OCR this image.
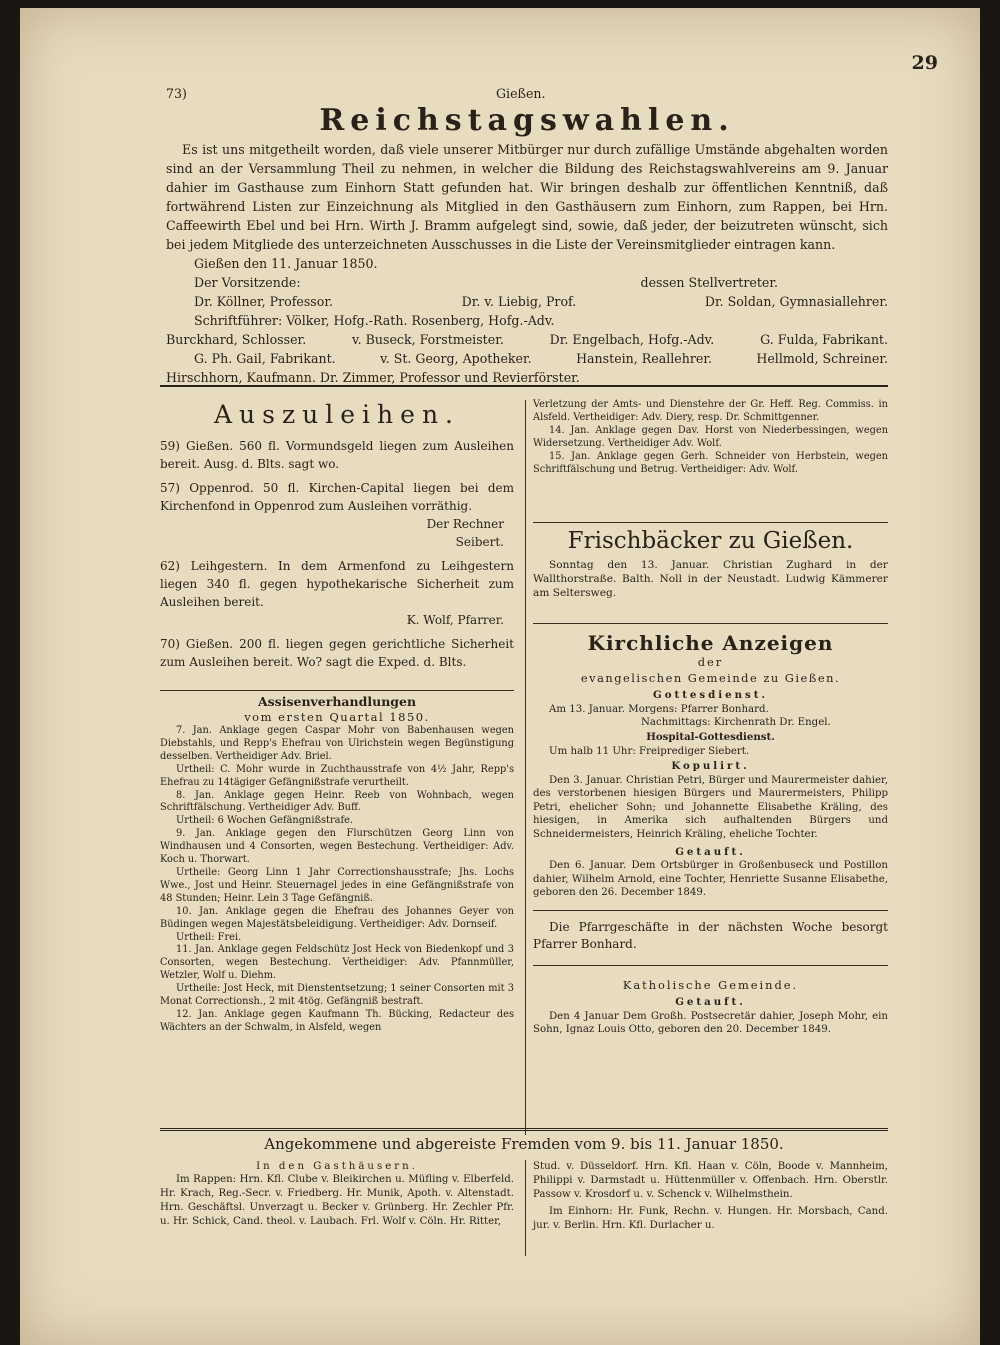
29
73)	Gießen.
Reichstagswahlen.

Es ist uns mitgetheilt worden, daß viele unserer Mitbürger nur durch zufällige Umstände abgehalten worden sind an der Versammlung Theil zu nehmen, in welcher die Bildung des Reichstagswahlvereins am 9. Januar dahier im Gasthause zum Einhorn Statt gefunden hat. Wir bringen deshalb zur öffentlichen Kenntniß, daß fortwährend Listen zur Einzeichnung als Mitglied in den Gasthäusern zum Einhorn, zum Rappen, bei Hrn. Caffeewirth Ebel und bei Hrn. Wirth J. Bramm aufgelegt sind, sowie, daß jeder, der beizutreten wünscht, sich bei jedem Mitgliede des unterzeichneten Ausschusses in die Liste der Vereinsmitglieder eintragen kann.

Gießen den 11. Januar 1850.

Der Vorsitzende:	dessen Stellvertreter.
Dr. Köllner, Professor.	Dr. v. Liebig, Prof.	Dr. Soldan, Gymnasiallehrer.

Schriftführer: Völker, Hofg.-Rath. Rosenberg, Hofg.-Adv.

Burckhard, Schlosser.	v. Buseck, Forstmeister.	Dr. Engelbach, Hofg.-Adv.	G. Fulda, Fabrikant.
G. Ph. Gail, Fabrikant.	v. St. Georg, Apotheker.	Hanstein, Reallehrer.	Hellmold, Schreiner.

Hirschhorn, Kaufmann. Dr. Zimmer, Professor und Revierförster.

Auszuleihen.

59) Gießen. 560 fl. Vormundsgeld liegen zum Ausleihen bereit. Ausg. d. Blts. sagt wo.

57) Oppenrod. 50 fl. Kirchen-Capital liegen bei dem Kirchenfond in Oppenrod zum Ausleihen vorräthig.

Der Rechner

Seibert.

62) Leihgestern. In dem Armenfond zu Leihgestern liegen 340 fl. gegen hypothekarische Sicherheit zum Ausleihen bereit.

K. Wolf, Pfarrer.

70) Gießen. 200 fl. liegen gegen gerichtliche Sicherheit zum Ausleihen bereit. Wo? sagt die Exped. d. Blts.

Assisenverhandlungen
vom ersten Quartal 1850.

7. Jan. Anklage gegen Caspar Mohr von Babenhausen wegen Diebstahls, und Repp's Ehefrau von Ulrichstein wegen Begünstigung desselben. Vertheidiger Adv. Briel.

Urtheil: C. Mohr wurde in Zuchthausstrafe von 4½ Jahr, Repp's Ehefrau zu 14tägiger Gefängnißstrafe verurtheilt.

8. Jan. Anklage gegen Heinr. Reeb von Wohnbach, wegen Schriftfälschung. Vertheidiger Adv. Buff.

Urtheil: 6 Wochen Gefängnißstrafe.

9. Jan. Anklage gegen den Flurschützen Georg Linn von Windhausen und 4 Consorten, wegen Bestechung. Vertheidiger: Adv. Koch u. Thorwart.

Urtheile: Georg Linn 1 Jahr Correctionshausstrafe; Jhs. Lochs Wwe., Jost und Heinr. Steuernagel jedes in eine Gefängnißstrafe von 48 Stunden; Heinr. Lein 3 Tage Gefängniß.

10. Jan. Anklage gegen die Ehefrau des Johannes Geyer von Büdingen wegen Majestätsbeleidigung. Vertheidiger: Adv. Dornseif.

Urtheil: Frei.

11. Jan. Anklage gegen Feldschütz Jost Heck von Biedenkopf und 3 Consorten, wegen Bestechung. Vertheidiger: Adv. Pfannmüller, Wetzler, Wolf u. Diehm.

Urtheile: Jost Heck, mit Dienstentsetzung; 1 seiner Consorten mit 3 Monat Correctionsh., 2 mit 4tög. Gefängniß bestraft.

12. Jan. Anklage gegen Kaufmann Th. Bücking, Redacteur des Wächters an der Schwalm, in Alsfeld, wegen

Verletzung der Amts- und Dienstehre der Gr. Heff. Reg. Commiss. in Alsfeld. Vertheidiger: Adv. Diery, resp. Dr. Schmittgenner.

14. Jan. Anklage gegen Dav. Horst von Niederbessingen, wegen Widersetzung. Vertheidiger Adv. Wolf.

15. Jan. Anklage gegen Gerh. Schneider von Herbstein, wegen Schriftfälschung und Betrug. Vertheidiger: Adv. Wolf.

Frischbäcker zu Gießen.

Sonntag den 13. Januar. Christian Zughard in der Wallthorstraße. Balth. Noll in der Neustadt. Ludwig Kämmerer am Seltersweg.

Kirchliche Anzeigen
der
evangelischen Gemeinde zu Gießen.
Gottesdienst.

Am 13. Januar. Morgens: Pfarrer Bonhard.

Nachmittags: Kirchenrath Dr. Engel.

Hospital-Gottesdienst.

Um halb 11 Uhr: Freiprediger Siebert.

Kopulirt.

Den 3. Januar. Christian Petri, Bürger und Maurermeister dahier, des verstorbenen hiesigen Bürgers und Maurermeisters, Philipp Petri, ehelicher Sohn; und Johannette Elisabethe Kräling, des hiesigen, in Amerika sich aufhaltenden Bürgers und Schneidermeisters, Heinrich Kräling, eheliche Tochter.

Getauft.

Den 6. Januar. Dem Ortsbürger in Großenbuseck und Postillon dahier, Wilhelm Arnold, eine Tochter, Henriette Susanne Elisabethe, geboren den 26. December 1849.

Die Pfarrgeschäfte in der nächsten Woche besorgt Pfarrer Bonhard.

Katholische Gemeinde.
Getauft.

Den 4 Januar Dem Großh. Postsecretär dahier, Joseph Mohr, ein Sohn, Ignaz Louis Otto, geboren den 20. December 1849.

Angekommene und abgereiste Fremden vom 9. bis 11. Januar 1850.
In den Gasthäusern.

Im Rappen: Hrn. Kfl. Clube v. Bleikirchen u. Müfling v. Elberfeld. Hr. Krach, Reg.-Secr. v. Friedberg. Hr. Munik, Apoth. v. Altenstadt. Hrn. Geschäftsl. Unverzagt u. Becker v. Grünberg. Hr. Zechler Pfr. u. Hr. Schick, Cand. theol. v. Laubach. Frl. Wolf v. Cöln. Hr. Ritter,

Stud. v. Düsseldorf. Hrn. Kfl. Haan v. Cöln, Boode v. Mannheim, Philippi v. Darmstadt u. Hüttenmüller v. Offenbach. Hrn. Oberstlr. Passow v. Krosdorf u. v. Schenck v. Wilhelmsthein.

Im Einhorn: Hr. Funk, Rechn. v. Hungen. Hr. Morsbach, Cand. jur. v. Berlin. Hrn. Kfl. Durlacher u.
